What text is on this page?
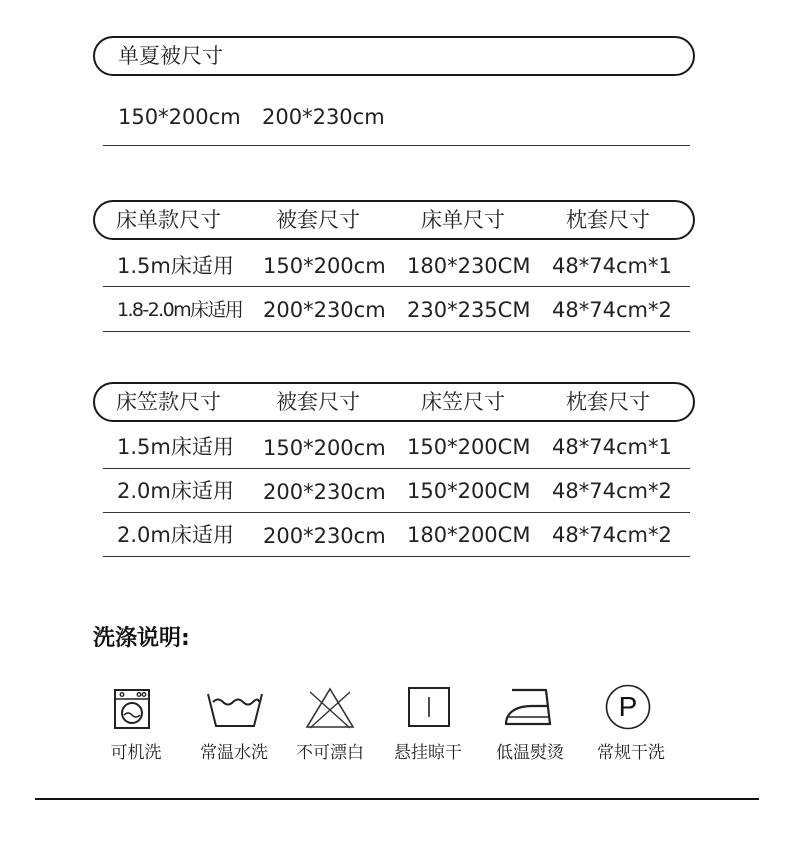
单夏被尺寸
150*200cm 200*230cm
床单款尺寸	被套尺寸	床单尺寸	枕套尺寸
1.5m床适用 150*200cm 180*230CM 48*74cm*1
1.8-2.0m床适用 200*230cm 230*235CM 48*74cm*2
床笠款尺寸	被套尺寸	床笠尺寸	枕套尺寸
1.5m床适用 150*200cm 150*200CM 48*74cm*1
2.0m床适用 200*230cm 150*200CM 48*74cm*2
2.0m床适用 200*230cm 180*200CM 48*74cm*2
洗涤说明:
P
可机洗 常温水洗 不可漂白 悬挂晾干 低温熨烫 常规干洗
